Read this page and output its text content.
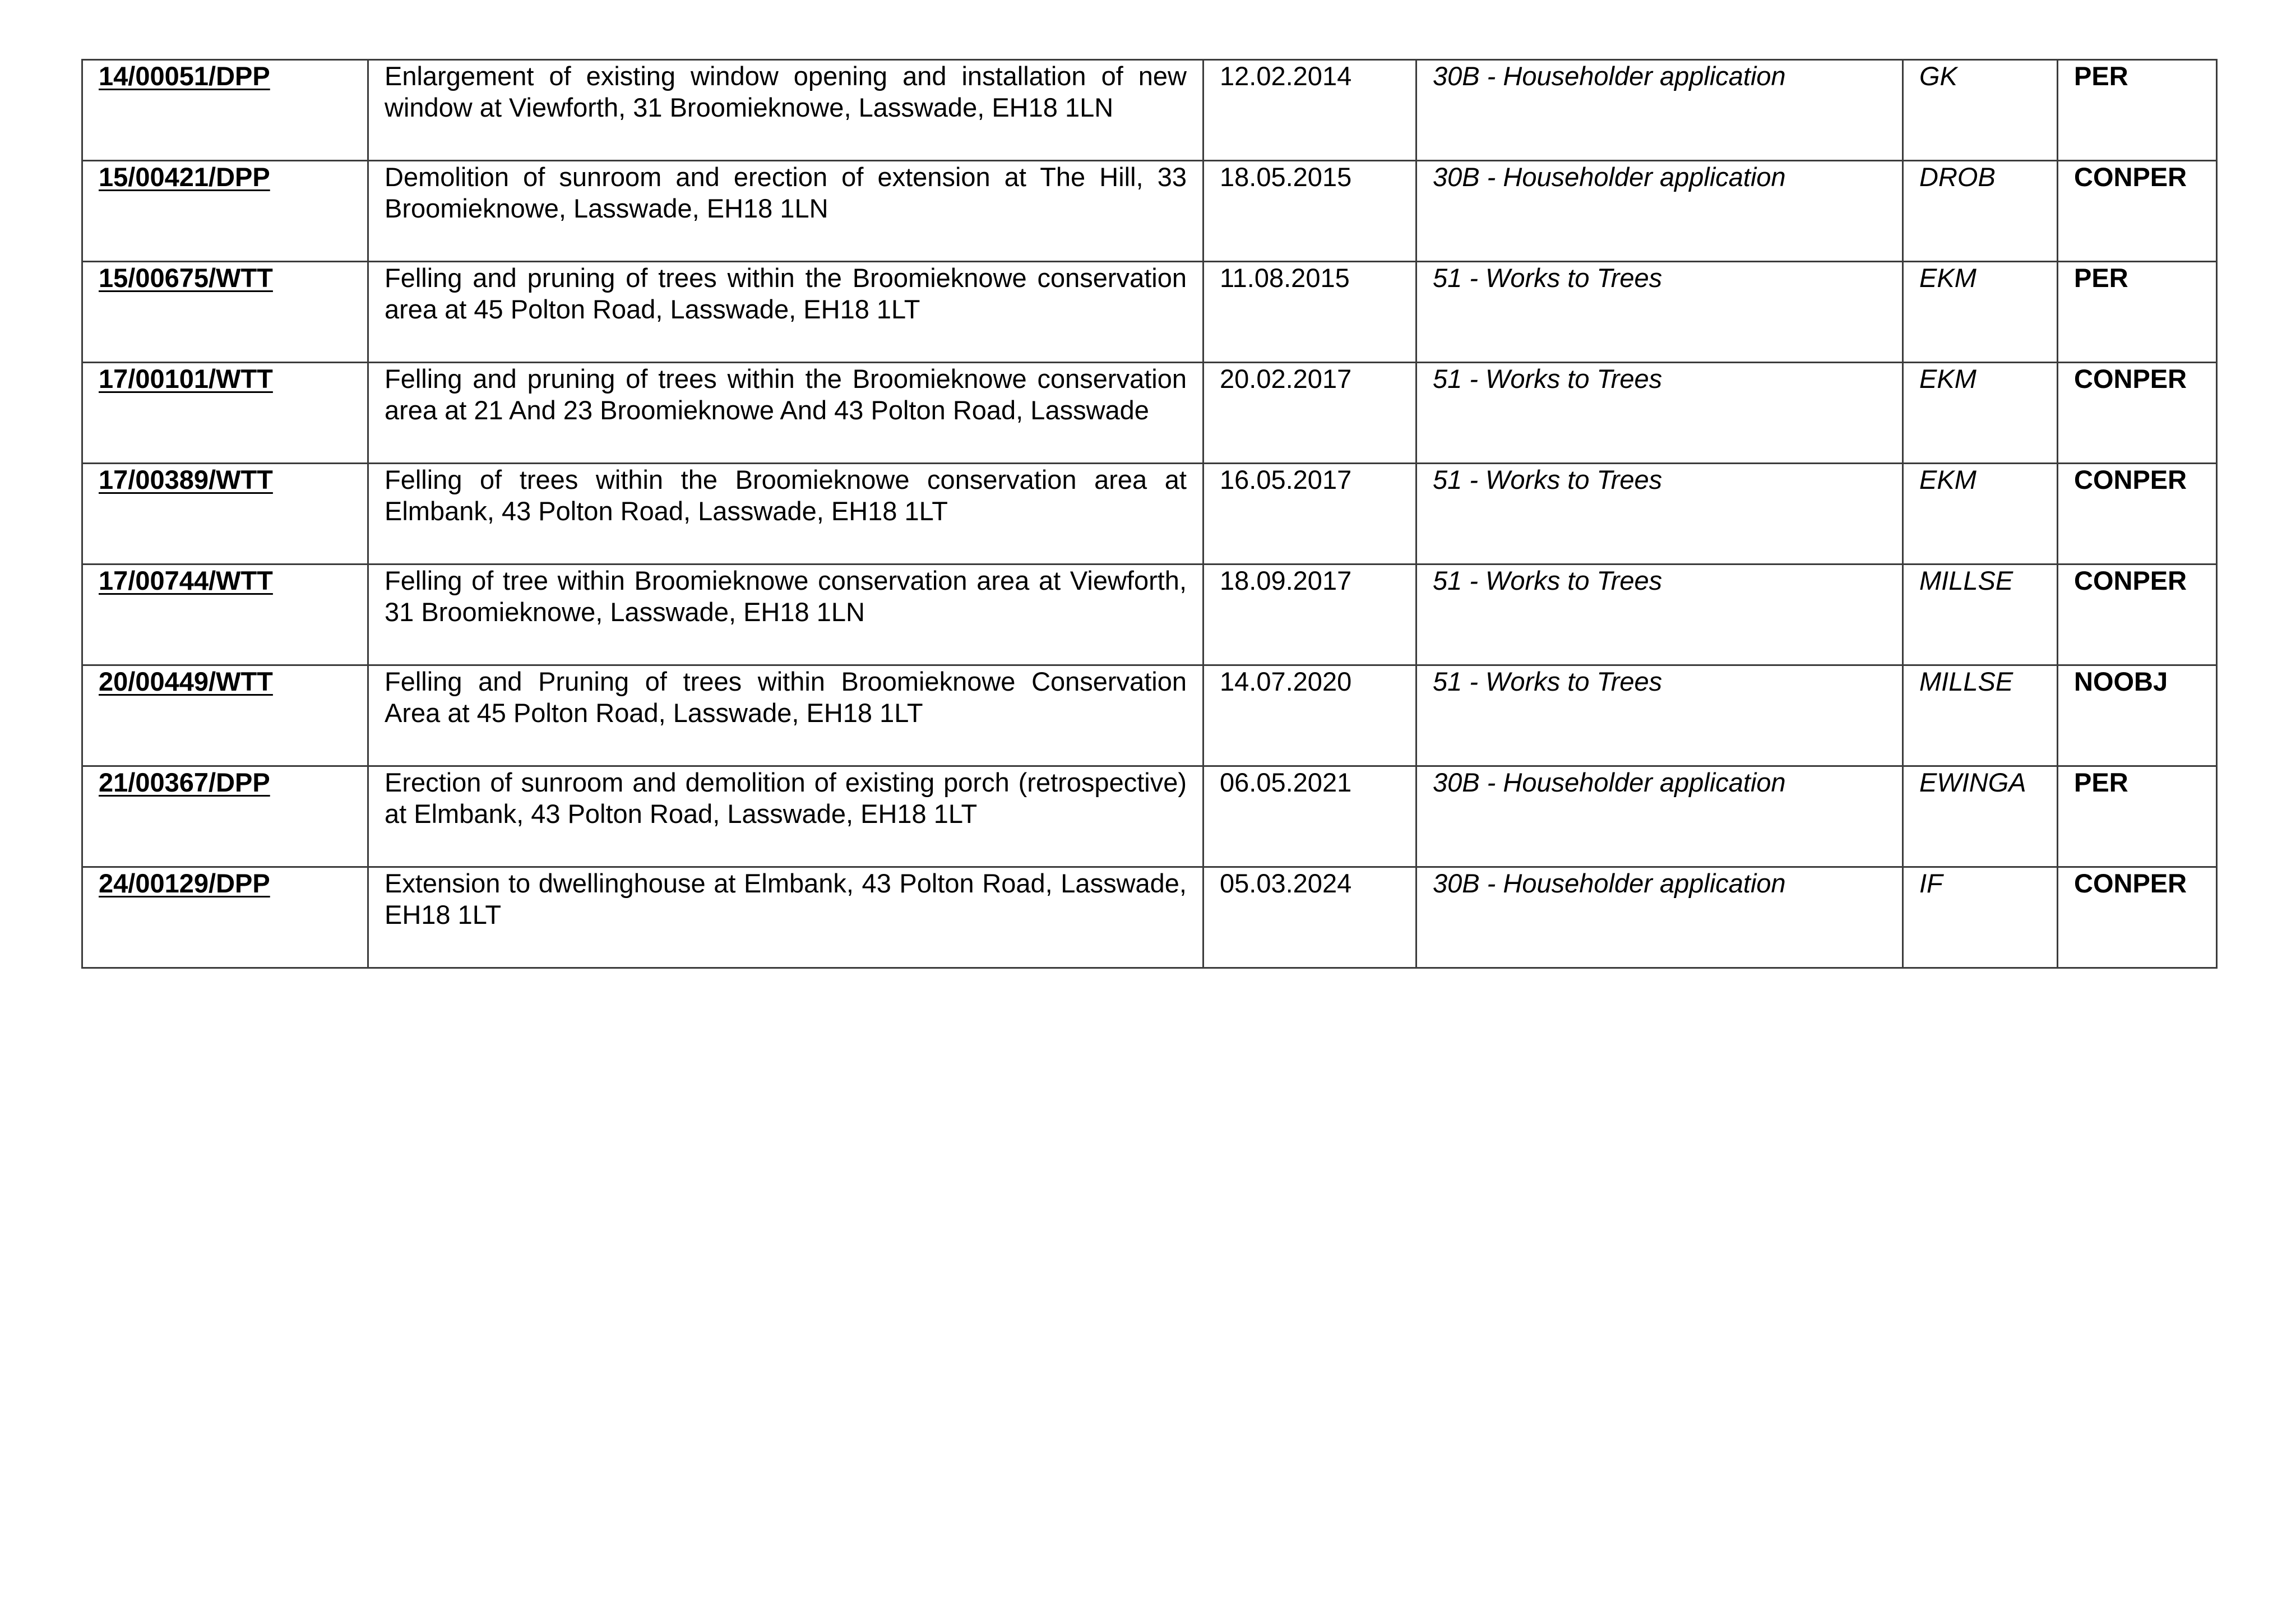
14/00051/DPP	Enlargement of existing window opening and installation of new window at Viewforth, 31 Broomieknowe, Lasswade, EH18 1LN	12.02.2014	30B - Householder application	GK	PER

15/00421/DPP	Demolition of sunroom and erection of extension at The Hill, 33 Broomieknowe, Lasswade, EH18 1LN	18.05.2015	30B - Householder application	DROB	CONPER

15/00675/WTT	Felling and pruning of trees within the Broomieknowe conservation area at 45 Polton Road, Lasswade, EH18 1LT	11.08.2015	51 - Works to Trees	EKM	PER

17/00101/WTT	Felling and pruning of trees within the Broomieknowe conservation area at 21 And 23 Broomieknowe And 43 Polton Road, Lasswade	20.02.2017	51 - Works to Trees	EKM	CONPER

17/00389/WTT	Felling of trees within the Broomieknowe conservation area at Elmbank, 43 Polton Road, Lasswade, EH18 1LT	16.05.2017	51 - Works to Trees	EKM	CONPER

17/00744/WTT	Felling of tree within Broomieknowe conservation area at Viewforth, 31 Broomieknowe, Lasswade, EH18 1LN	18.09.2017	51 - Works to Trees	MILLSE	CONPER

20/00449/WTT	Felling and Pruning of trees within Broomieknowe Conservation Area at 45 Polton Road, Lasswade, EH18 1LT	14.07.2020	51 - Works to Trees	MILLSE	NOOBJ

21/00367/DPP	Erection of sunroom and demolition of existing porch (retrospective) at Elmbank, 43 Polton Road, Lasswade, EH18 1LT	06.05.2021	30B - Householder application	EWINGA	PER

24/00129/DPP	Extension to dwellinghouse at Elmbank, 43 Polton Road, Lasswade, EH18 1LT	05.03.2024	30B - Householder application	IF	CONPER
